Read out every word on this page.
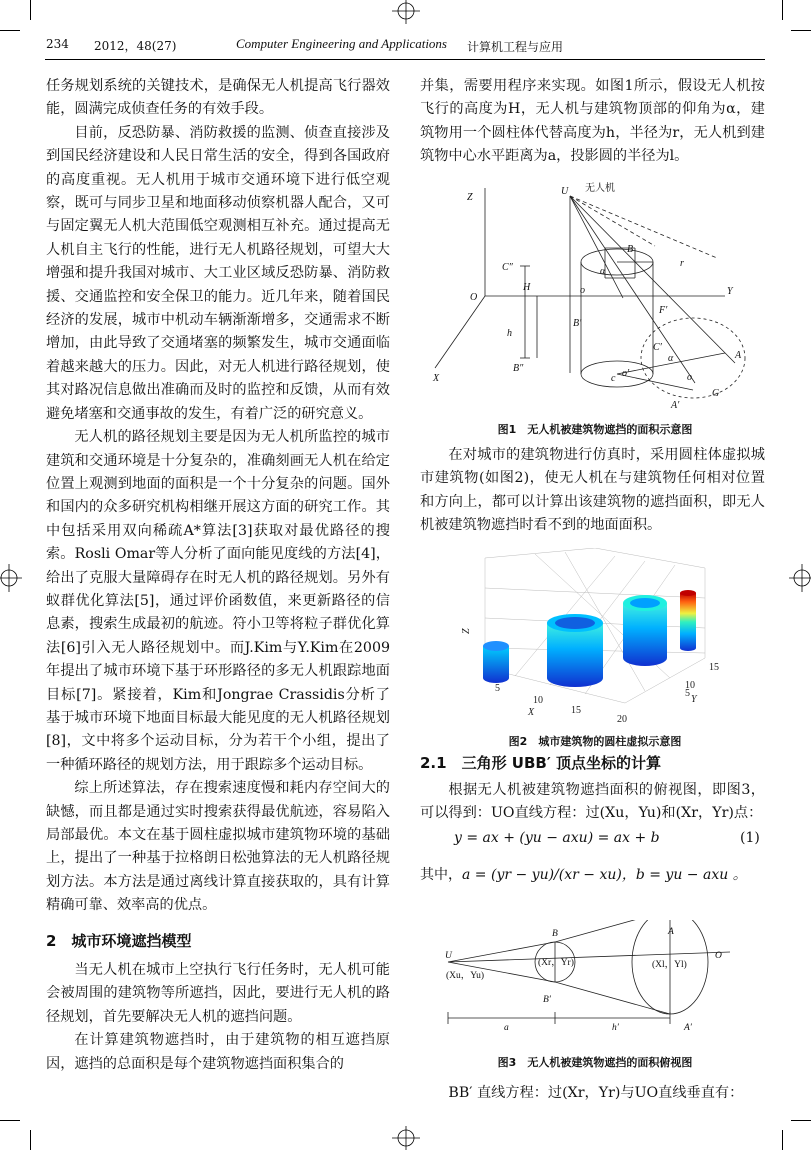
234 2012，48(27)	Computer Engineering and Applications 计算机工程与应用

任务规划系统的关键技术，是确保无人机提高飞行器效能，圆满完成侦查任务的有效手段。

目前，反恐防暴、消防救援的监测、侦查直接涉及到国民经济建设和人民日常生活的安全，得到各国政府的高度重视。无人机用于城市交通环境下进行低空观察，既可与同步卫星和地面移动侦察机器人配合，又可与固定翼无人机大范围低空观测相互补充。通过提高无人机自主飞行的性能，进行无人机路径规划，可望大大增强和提升我国对城市、大工业区域反恐防暴、消防救援、交通监控和安全保卫的能力。近几年来，随着国民经济的发展，城市中机动车辆渐渐增多，交通需求不断增加，由此导致了交通堵塞的频繁发生，城市交通面临着越来越大的压力。因此，对无人机进行路径规划，使其对路况信息做出准确而及时的监控和反馈，从而有效避免堵塞和交通事故的发生，有着广泛的研究意义。

无人机的路径规划主要是因为无人机所监控的城市建筑和交通环境是十分复杂的，准确刻画无人机在给定位置上观测到地面的面积是一个十分复杂的问题。国外和国内的众多研究机构相继开展这方面的研究工作。其中包括采用双向稀疏A*算法[3]获取对最优路径的搜索。Rosli Omar等人分析了面向能见度线的方法[4]，给出了克服大量障碍存在时无人机的路径规划。另外有蚁群优化算法[5]，通过评价函数值，来更新路径的信息素，搜索生成最初的航迹。符小卫等将粒子群优化算法[6]引入无人路径规划中。而J.Kim与Y.Kim在2009年提出了城市环境下基于环形路径的多无人机跟踪地面目标[7]。紧接着，Kim和Jongrae Crassidis分析了基于城市环境下地面目标最大能见度的无人机路径规划[8]，文中将多个运动目标，分为若干个小组，提出了一种循环路径的规划方法，用于跟踪多个运动目标。

综上所述算法，存在搜索速度慢和耗内存空间大的缺憾，而且都是通过实时搜索获得最优航迹，容易陷入局部最优。本文在基于圆柱虚拟城市建筑物环境的基础上，提出了一种基于拉格朗日松弛算法的无人机路径规划方法。本方法是通过离线计算直接获取的，具有计算精确可靠、效率高的优点。

2　城市环境遮挡模型

当无人机在城市上空执行飞行任务时，无人机可能会被周围的建筑物等所遮挡，因此，要进行无人机的路径规划，首先要解决无人机的遮挡问题。

在计算建筑物遮挡时，由于建筑物的相互遮挡原因，遮挡的总面积是每个建筑物遮挡面积集合的

并集，需要用程序来实现。如图1所示，假设无人机按飞行的高度为H，无人机与建筑物顶部的仰角为α，建筑物用一个圆柱体代替高度为h，半径为r，无人机到建筑物中心水平距离为a，投影圆的半径为l。

Z
U 无人机
C″
O
H
B
r
α
o	Y
F′
B′
h
C′
B″
X
A
α
o
G
c o′
A′
图1　无人机被建筑物遮挡的面积示意图

在对城市的建筑物进行仿真时，采用圆柱体虚拟城市建筑物(如图2)，使无人机在与建筑物任何相对位置和方向上，都可以计算出该建筑物的遮挡面积，即无人机被建筑物遮挡时看不到的地面面积。

Z
5
10
15
20
X
5
10
15
Y
图2　城市建筑物的圆柱虚拟示意图
2.1　三角形 UBB′ 顶点坐标的计算

根据无人机被建筑物遮挡面积的俯视图，即图3，可以得到：UO直线方程：过(Xu，Yu)和(Xr，Yr)点：

y = ax + (yu − axu) = ax + b	(1)
其中， a = (yr − yu)/(xr − xu)，b = yu − axu 。
U
(Xu，Yu)
B
(Xr，Yr)
B′
A
(Xl，Yl)
O
A′
a	h′
图3　无人机被建筑物遮挡的面积俯视图

BB′ 直线方程：过(Xr，Yr)与UO直线垂直有：
